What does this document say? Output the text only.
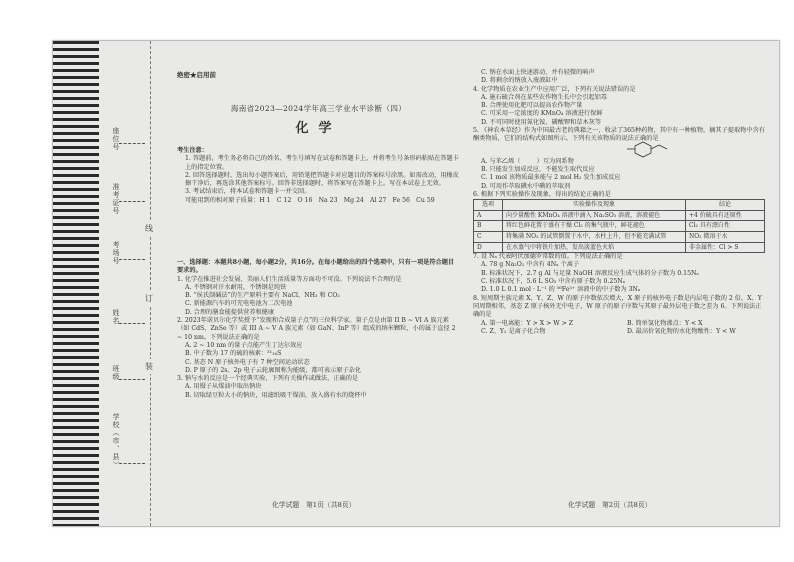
座位号
准考证号
考场号
姓名
班级
学校（市、县）
线
订
装
绝密★启用前
海南省2023—2024学年高三学业水平诊断（四）
化学

考生注意：

1. 答题前，考生务必将自己的姓名、考生号填写在试卷和答题卡上，并将考生号条形码粘贴在答题卡上的指定位置。

2. 回答选择题时，选出每小题答案后，用铅笔把答题卡对应题目的答案标号涂黑。如需改动，用橡皮擦干净后，再选涂其他答案标号。回答非选择题时，将答案写在答题卡上。写在本试卷上无效。

3. 考试结束后，将本试卷和答题卡一并交回。

可能用到的相对原子质量：H 1　C 12　O 16　Na 23　Mg 24　Al 27　Fe 56　Cu 59

一、选择题：本题共8小题，每小题2分，共16分。在每小题给出的四个选项中，只有一项是符合题目要求的。

1. 化学在推进社会发展、美丽人们生活质量等方面功不可没。下列说法不合理的是

A. 不锈钢对汗水耐用，不锈钢是纯铁

B. “侯氏制碱法”的生产原料主要有 NaCl、NH₃ 和 CO₂

C. 新能源汽车的可充电电池为二次电池

D. 合理的膳食能提供营养和健康

2. 2023年诺贝尔化学奖授予“发现和合成量子点”的三位科学家。量子点是由第 II B ~ VI A 族元素（如 CdS、ZnSe 等）或 III A ~ V A 族元素（如 GaN、InP 等）组成的纳米颗粒，小的属于直径 2 ~ 10 nm。下列说法正确的是

A. 2 ~ 10 nm 的量子点能产生丁达尔效应

B. 中子数为 17 的硫的核素：³¹₁₆S

C. 基态 N 原子核外电子有 7 种空间运动状态

D. P 原子的 2s、2p 电子云轮廓图称为能级，都可表示原子杂化

3. 钠与水的反应是一个经典实验，下列有关操作或做法，正确的是

A. 用镊子从煤油中取出钠块

B. 切取绿豆粒大小的钠块，用滤纸吸干煤油，放入盛有水的烧杯中

化学试题　第1页（共8页）

C. 钠在水面上快速游动，并有轻微的响声

D. 将剩余的钠放入废液缸中

4. 化学物质在农业生产中应用广泛，下列有关说法错误的是

A. 施石硫合剂在某些农作物生长中会引起铝毒

B. 合理使用化肥可以提高农作物产量

C. 可采用一定浓度的 KMnO₄ 溶液进行保鲜

D. 不可同时使用氮化铵、磷酸钾和草木灰等

5. 《神农本草经》作为中国最古老的典籍之一，收录了365种药物，其中有一种植物，摘其子提取物中含有酮类物质，它们的结构式如图所示。下列有关该物质的说法正确的是

A. 与苯乙烯（ 　　 ）互为同系物

B. 只能发生加成反应，不能发生取代反应

C. 1 mol 该物质最多能与 2 mol H₂ 发生加成反应

D. 可用作萃取碘水中碘的萃取剂

6. 根据下列实验操作及现象，得出的结论正确的是

选项	实验操作及现象	结论
A	向少量酸性 KMnO₄ 溶液中滴入 Na₂SO₃ 溶液，溶液褪色	+4 价硫具有还原性
B	将红色鲜花置于盛有干燥 Cl₂ 的集气瓶中，鲜花褪色	Cl₂ 具有漂白性
C	将集满 NO₂ 的试管倒置于水中，水柱上升，但不能充满试管	NO₂ 微溶于水
D	在水蒸气中将铁片加热，发出淡蓝色火焰	非金属性：Cl > S

7. 设 Nₐ 代表阿伏加德罗常数的值。下列说法正确的是

A. 78 g Na₂O₂ 中含有 4Nₐ 个离子

B. 标准状况下，2.7 g Al 与足量 NaOH 溶液反应生成气体的分子数为 0.15Nₐ

C. 标准状况下，5.6 L SO₃ 中含有原子数为 0.25Nₐ

D. 1.0 L 0.1 mol · L⁻¹ 的 ⁵⁶Fe³⁺ 溶液中的中子数为 3Nₐ

8. 短周期主族元素 X、Y、Z、W 的原子序数依次增大，X 原子的核外电子数是内层电子数的 2 倍，X、Y 同周期相邻，基态 Z 原子核外无中电子，W 原子的原子序数与其原子最外层电子数之差为 6。下列说法正确的是

A. 第一电离能：Y > X > W > Z	B. 简单氢化物沸点：Y < X

C. Z、Y₂ 是离子化合物	D. 最高价氧化物的水化物酸性：Y < W

化学试题　第2页（共8页）
